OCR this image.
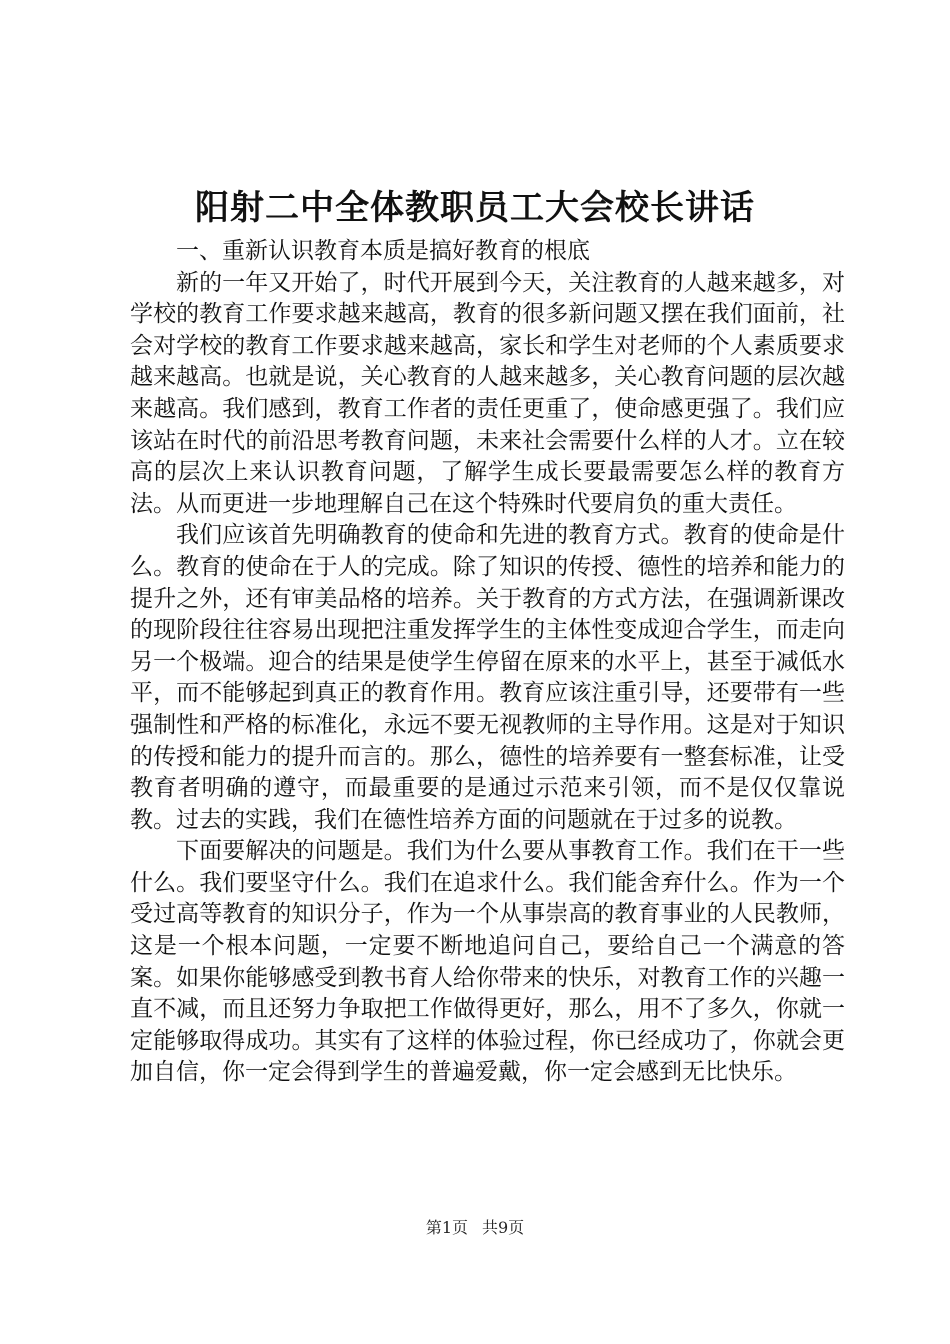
阳射二中全体教职员工大会校长讲话

一、重新认识教育本质是搞好教育的根底

新的一年又开始了，时代开展到今天，关注教育的人越来越多，对学校的教育工作要求越来越高，教育的很多新问题又摆在我们面前，社会对学校的教育工作要求越来越高，家长和学生对老师的个人素质要求越来越高。也就是说，关心教育的人越来越多，关心教育问题的层次越来越高。我们感到，教育工作者的责任更重了，使命感更强了。我们应该站在时代的前沿思考教育问题，未来社会需要什么样的人才。立在较高的层次上来认识教育问题，了解学生成长要最需要怎么样的教育方法。从而更进一步地理解自己在这个特殊时代要肩负的重大责任。

我们应该首先明确教育的使命和先进的教育方式。教育的使命是什么。教育的使命在于人的完成。除了知识的传授、德性的培养和能力的提升之外，还有审美品格的培养。关于教育的方式方法，在强调新课改的现阶段往往容易出现把注重发挥学生的主体性变成迎合学生，而走向另一个极端。迎合的结果是使学生停留在原来的水平上，甚至于减低水平，而不能够起到真正的教育作用。教育应该注重引导，还要带有一些强制性和严格的标准化，永远不要无视教师的主导作用。这是对于知识的传授和能力的提升而言的。那么，德性的培养要有一整套标准，让受教育者明确的遵守，而最重要的是通过示范来引领，而不是仅仅靠说教。过去的实践，我们在德性培养方面的问题就在于过多的说教。

下面要解决的问题是。我们为什么要从事教育工作。我们在干一些什么。我们要坚守什么。我们在追求什么。我们能舍弃什么。作为一个受过高等教育的知识分子，作为一个从事崇高的教育事业的人民教师，这是一个根本问题，一定要不断地追问自己，要给自己一个满意的答案。如果你能够感受到教书育人给你带来的快乐，对教育工作的兴趣一直不减，而且还努力争取把工作做得更好，那么，用不了多久，你就一定能够取得成功。其实有了这样的体验过程，你已经成功了，你就会更加自信，你一定会得到学生的普遍爱戴，你一定会感到无比快乐。

第1页 共9页
